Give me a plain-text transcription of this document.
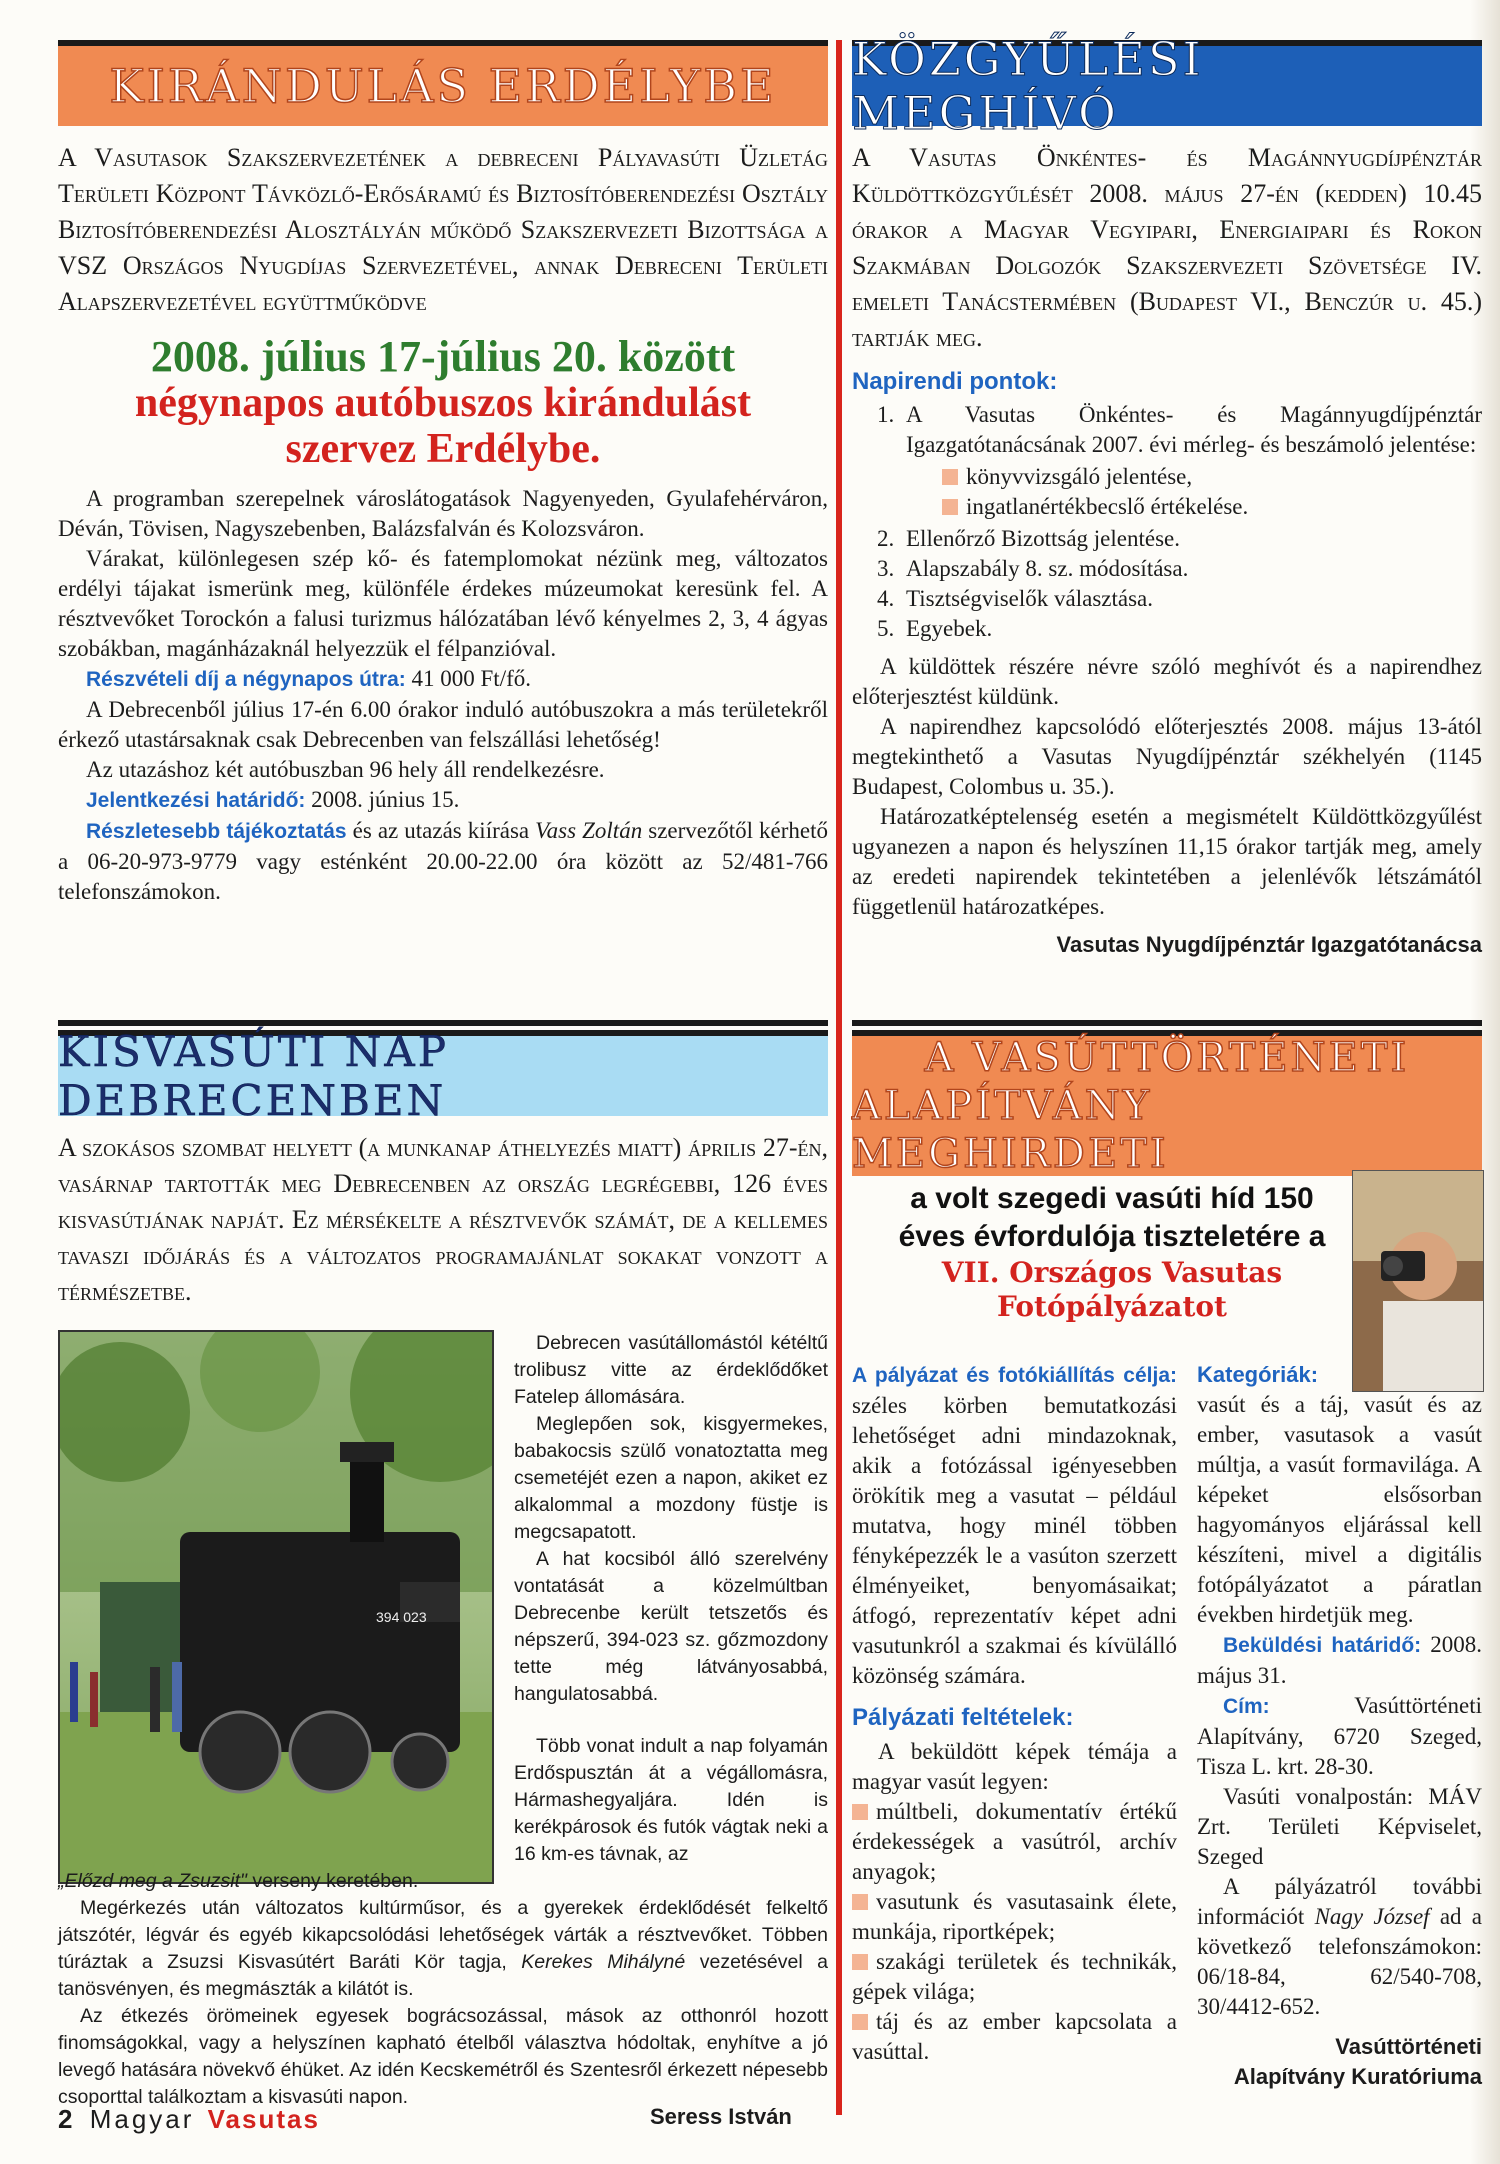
KIRÁNDULÁS ERDÉLYBE

A Vasutasok Szakszervezetének a debreceni Pályavasúti Üzletág Területi Központ Távközlő-Erősáramú és Biztosítóberendezési Osztály Biztosítóberendezési Alosztályán működő Szakszervezeti Bizottsága a VSZ Országos Nyugdíjas Szervezetével, annak Debreceni Területi Alapszervezetével együttműködve

2008. július 17-július 20. között
négynapos autóbuszos kirándulást
szervez Erdélybe.

A programban szerepelnek városlátogatások Nagyenyeden, Gyulafehérváron, Déván, Tövisen, Nagyszebenben, Balázsfalván és Kolozsváron.

Várakat, különlegesen szép kő- és fatemplomokat nézünk meg, változatos erdélyi tájakat ismerünk meg, különféle érdekes múzeumokat keresünk fel. A résztvevőket Torockón a falusi turizmus hálózatában lévő kényelmes 2, 3, 4 ágyas szobákban, magánházaknál helyezzük el félpanzióval.

Részvételi díj a négynapos útra: 41 000 Ft/fő.

A Debrecenből július 17-én 6.00 órakor induló autóbuszokra a más területekről érkező utastársaknak csak Debrecenben van felszállási lehetőség!

Az utazáshoz két autóbuszban 96 hely áll rendelkezésre.

Jelentkezési határidő: 2008. június 15.

Részletesebb tájékoztatás és az utazás kiírása Vass Zoltán szervezőtől kérhető a 06-20-973-9779 vagy esténként 20.00-22.00 óra között az 52/481-766 telefonszámokon.

KÖZGYŰLÉSI MEGHÍVÓ

A Vasutas Önkéntes- és Magánnyugdíjpénztár Küldöttközgyűlését 2008. május 27-én (kedden) 10.45 órakor a Magyar Vegyipari, Energiaipari és Rokon Szakmában Dolgozók Szakszervezeti Szövetsége IV. emeleti Tanácstermében (Budapest VI., Benczúr u. 45.) tartják meg.

Napirendi pontok:
1. A Vasutas Önkéntes- és Magánnyugdíjpénztár Igazgatótanácsának 2007. évi mérleg- és beszámoló jelentése:
könyvvizsgáló jelentése,
ingatlanértékbecslő értékelése.
2. Ellenőrző Bizottság jelentése.
3. Alapszabály 8. sz. módosítása.
4. Tisztségviselők választása.
5. Egyebek.

A küldöttek részére névre szóló meghívót és a napirendhez előterjesztést küldünk.

A napirendhez kapcsolódó előterjesztés 2008. május 13-ától megtekinthető a Vasutas Nyugdíjpénztár székhelyén (1145 Budapest, Colombus u. 35.).

Határozatképtelenség esetén a megismételt Küldöttközgyűlést ugyanezen a napon és helyszínen 11,15 órakor tartják meg, amely az eredeti napirendek tekintetében a jelenlévők létszámától függetlenül határozatképes.

Vasutas Nyugdíjpénztár Igazgatótanácsa
KISVASÚTI NAP DEBRECENBEN

A szokásos szombat helyett (a munkanap áthelyezés miatt) április 27-én, vasárnap tartották meg Debrecenben az ország legrégebbi, 126 éves kisvasútjának napját. Ez mérsékelte a résztvevők számát, de a kellemes tavaszi időjárás és a változatos programajánlat sokakat vonzott a térmészetbe.

394 023

Debrecen vasútállomástól kétéltű trolibusz vitte az érdeklődőket Fatelep állomására.

Meglepően sok, kisgyermekes, babakocsis szülő vonatoztatta meg csemetéjét ezen a napon, akiket ez alkalommal a mozdony füstje is megcsapatott.

A hat kocsiból álló szerelvény vontatását a közelmúltban Debrecenbe került tetszetős és népszerű, 394-023 sz. gőzmozdony tette még látványosabbá, hangulatosabbá.

Több vonat indult a nap folyamán Erdőspusztán át a végállomásra, Hármashegyaljára. Idén is kerékpárosok és futók vágtak neki a 16 km-es távnak, az

„Előzd meg a Zsuzsit" verseny keretében.

Megérkezés után változatos kultúrműsor, és a gyerekek érdeklődését felkeltő játszótér, légvár és egyéb kikapcsolódási lehetőségek várták a résztvevőket. Többen túráztak a Zsuzsi Kisvasútért Baráti Kör tagja, Kerekes Mihályné vezetésével a tanösvényen, és megmászták a kilátót is.

Az étkezés örömeinek egyesek bográcsozással, mások az otthonról hozott finomságokkal, vagy a helyszínen kapható ételből választva hódoltak, enyhítve a jó levegő hatására növekvő éhüket. Az idén Kecskemétről és Szentesről érkezett népesebb csoporttal találkoztam a kisvasúti napon.

A VASÚTTÖRTÉNETI
ALAPÍTVÁNY MEGHIRDETI
a volt szegedi vasúti híd 150
éves évfordulója tiszteletére a
VII. Országos Vasutas
Fotópályázatot

A pályázat és fotókiállítás célja: széles körben bemutatkozási lehetőséget adni mindazoknak, akik a fotózással igényesebben örökítik meg a vasutat – például mutatva, hogy minél többen fényképezzék le a vasúton szerzett élményeiket, benyomásaikat; átfogó, reprezentatív képet adni vasutunkról a szakmai és kívülálló közönség számára.

Pályázati feltételek:

A beküldött képek témája a magyar vasút legyen:

múltbeli, dokumentatív értékű érdekességek a vasútról, archív anyagok;
vasutunk és vasutasaink élete, munkája, riportképek;
szakági területek és technikák, gépek világa;
táj és az ember kapcsolata a vasúttal.
Kategóriák:

vasút és a táj, vasút és az ember, vasutasok a vasút múltja, a vasút formavilága. A képeket elsősorban hagyományos eljárással kell készíteni, mivel a digitális fotópályázatot a páratlan években hirdetjük meg.

Beküldési határidő: 2008. május 31.

Cím:	Vasúttörténeti Alapítvány, 6720 Szeged, Tisza L. krt. 28-30.

Vasúti vonalpostán: MÁV Zrt. Területi Képviselet, Szeged

A pályázatról további információt Nagy József ad a következő telefonszámokon: 06/18-84, 62/540-708, 30/4412-652.

Vasúttörténeti
Alapítvány Kuratóriuma
2 Magyar Vasutas	Seress István
